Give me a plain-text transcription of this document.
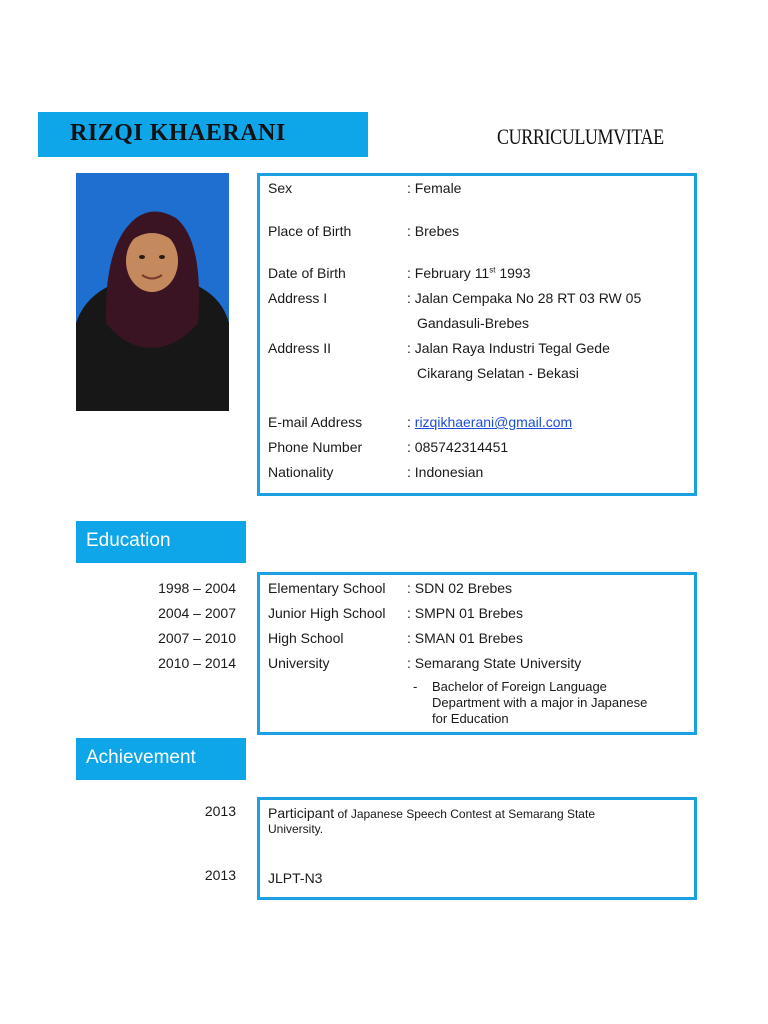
RIZQI KHAERANI	CURRICULUMVITAE
Sex	: Female
Place of Birth	: Brebes
Date of Birth	: February 11st 1993
Address I	: Jalan Cempaka No 28 RT 03 RW 05
Gandasuli-Brebes
Address II	: Jalan Raya Industri Tegal Gede
Cikarang Selatan - Bekasi
E-mail Address	: rizqikhaerani@gmail.com
Phone Number	: 085742314451
Nationality	: Indonesian
Education
1998 – 2004 Elementary School : SDN 02 Brebes
2004 – 2007 Junior High School : SMPN 01 Brebes
2007 – 2010 High School	: SMAN 01 Brebes
2010 – 2014 University	: Semarang State University
- Bachelor of Foreign Language
Department with a major in Japanese
for Education
Achievement
2013 Participant of Japanese Speech Contest at Semarang State
University.
2013 JLPT-N3
